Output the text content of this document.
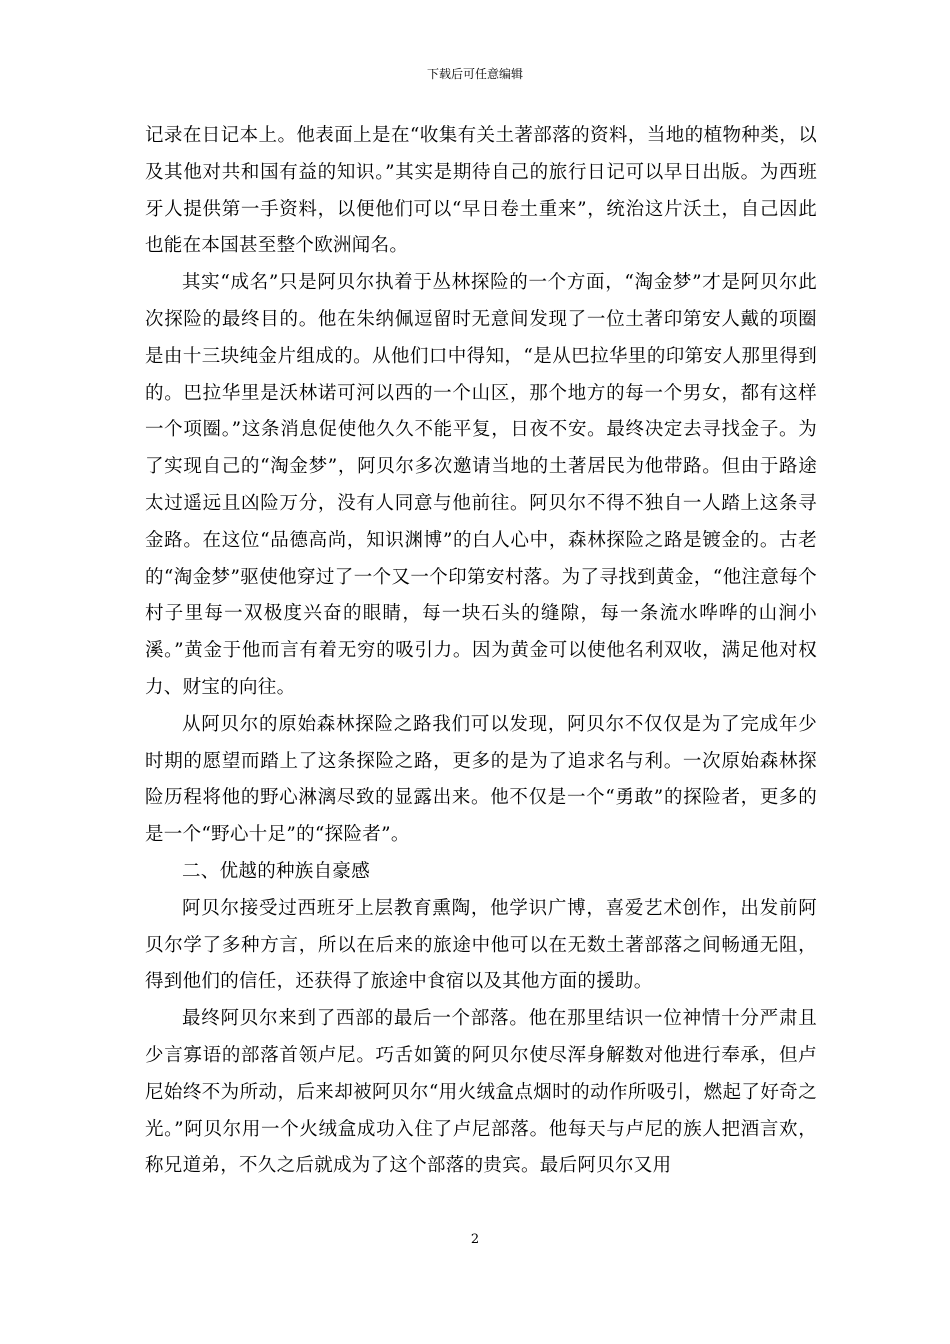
下载后可任意编辑

记录在日记本上。他表面上是在“收集有关土著部落的资料，当地的植物种类，以及其他对共和国有益的知识。”其实是期待自己的旅行日记可以早日出版。为西班牙人提供第一手资料，以便他们可以“早日卷土重来”，统治这片沃土，自己因此也能在本国甚至整个欧洲闻名。

其实“成名”只是阿贝尔执着于丛林探险的一个方面，“淘金梦”才是阿贝尔此次探险的最终目的。他在朱纳佩逗留时无意间发现了一位土著印第安人戴的项圈是由十三块纯金片组成的。从他们口中得知，“是从巴拉华里的印第安人那里得到的。巴拉华里是沃林诺可河以西的一个山区，那个地方的每一个男女，都有这样一个项圈。”这条消息促使他久久不能平复，日夜不安。最终决定去寻找金子。为了实现自己的“淘金梦”，阿贝尔多次邀请当地的土著居民为他带路。但由于路途太过遥远且凶险万分，没有人同意与他前往。阿贝尔不得不独自一人踏上这条寻金路。在这位“品德高尚，知识渊博”的白人心中，森林探险之路是镀金的。古老的“淘金梦”驱使他穿过了一个又一个印第安村落。为了寻找到黄金，“他注意每个村子里每一双极度兴奋的眼睛，每一块石头的缝隙，每一条流水哗哗的山涧小溪。”黄金于他而言有着无穷的吸引力。因为黄金可以使他名利双收，满足他对权力、财宝的向往。

从阿贝尔的原始森林探险之路我们可以发现，阿贝尔不仅仅是为了完成年少时期的愿望而踏上了这条探险之路，更多的是为了追求名与利。一次原始森林探险历程将他的野心淋漓尽致的显露出来。他不仅是一个“勇敢”的探险者，更多的是一个“野心十足”的“探险者”。

二、优越的种族自豪感

阿贝尔接受过西班牙上层教育熏陶，他学识广博，喜爱艺术创作，出发前阿贝尔学了多种方言，所以在后来的旅途中他可以在无数土著部落之间畅通无阻，得到他们的信任，还获得了旅途中食宿以及其他方面的援助。

最终阿贝尔来到了西部的最后一个部落。他在那里结识一位神情十分严肃且少言寡语的部落首领卢尼。巧舌如簧的阿贝尔使尽浑身解数对他进行奉承，但卢尼始终不为所动，后来却被阿贝尔“用火绒盒点烟时的动作所吸引，燃起了好奇之光。”阿贝尔用一个火绒盒成功入住了卢尼部落。他每天与卢尼的族人把酒言欢，称兄道弟，不久之后就成为了这个部落的贵宾。最后阿贝尔又用

2
